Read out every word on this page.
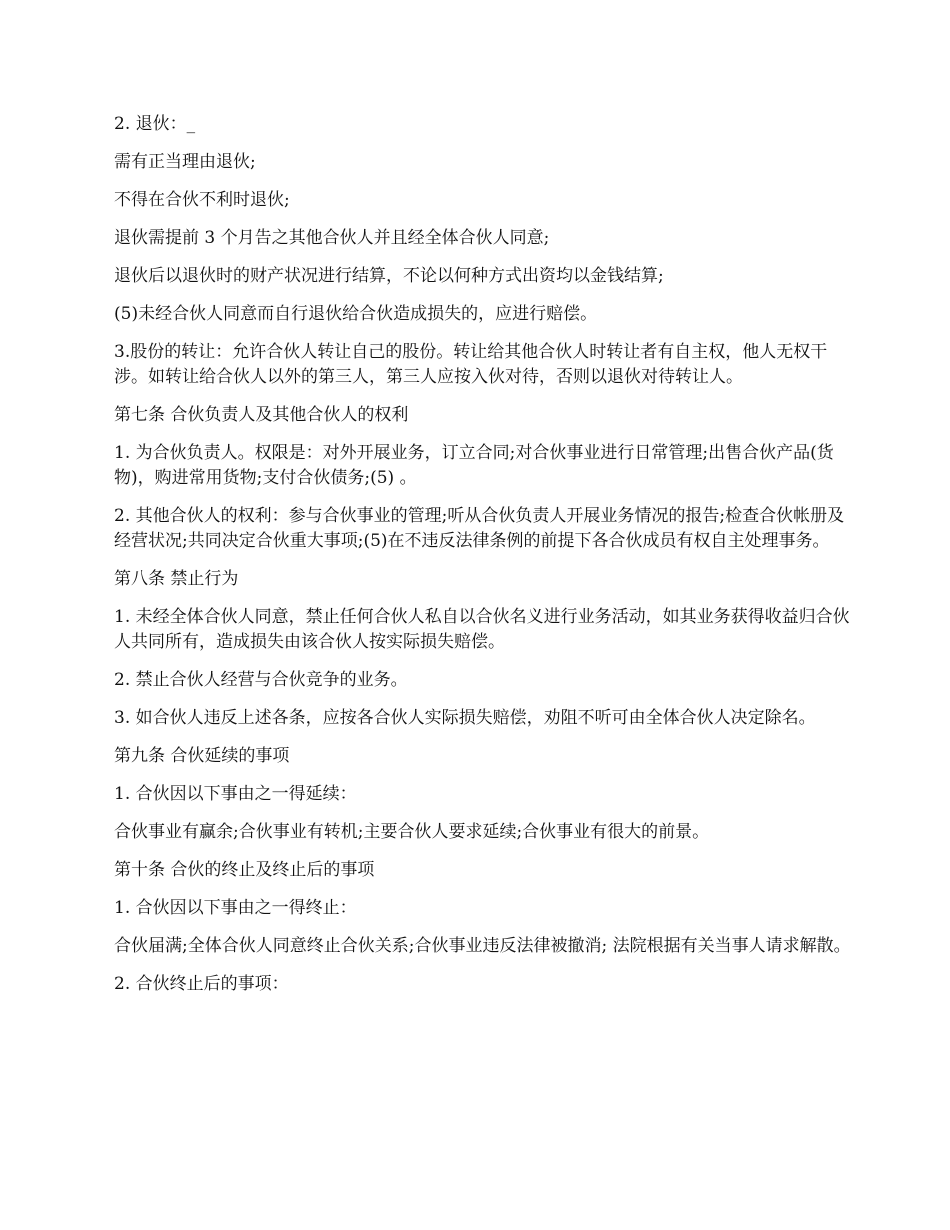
2. 退伙：_

需有正当理由退伙;

不得在合伙不利时退伙;

退伙需提前 3 个月告之其他合伙人并且经全体合伙人同意;

退伙后以退伙时的财产状况进行结算，不论以何种方式出资均以金钱结算;

(5)未经合伙人同意而自行退伙给合伙造成损失的，应进行赔偿。

3.股份的转让：允许合伙人转让自己的股份。转让给其他合伙人时转让者有自主权，他人无权干涉。如转让给合伙人以外的第三人，第三人应按入伙对待，否则以退伙对待转让人。

第七条 合伙负责人及其他合伙人的权利

1. 为合伙负责人。权限是：对外开展业务，订立合同;对合伙事业进行日常管理;出售合伙产品(货物)，购进常用货物;支付合伙债务;(5) 。

2. 其他合伙人的权利：参与合伙事业的管理;听从合伙负责人开展业务情况的报告;检查合伙帐册及经营状况;共同决定合伙重大事项;(5)在不违反法律条例的前提下各合伙成员有权自主处理事务。

第八条 禁止行为

1. 未经全体合伙人同意，禁止任何合伙人私自以合伙名义进行业务活动，如其业务获得收益归合伙人共同所有，造成损失由该合伙人按实际损失赔偿。

2. 禁止合伙人经营与合伙竞争的业务。

3. 如合伙人违反上述各条，应按各合伙人实际损失赔偿，劝阻不听可由全体合伙人决定除名。

第九条 合伙延续的事项

1. 合伙因以下事由之一得延续：

合伙事业有赢余;合伙事业有转机;主要合伙人要求延续;合伙事业有很大的前景。

第十条 合伙的终止及终止后的事项

1. 合伙因以下事由之一得终止：

合伙届满;全体合伙人同意终止合伙关系;合伙事业违反法律被撤消; 法院根据有关当事人请求解散。

2. 合伙终止后的事项：
